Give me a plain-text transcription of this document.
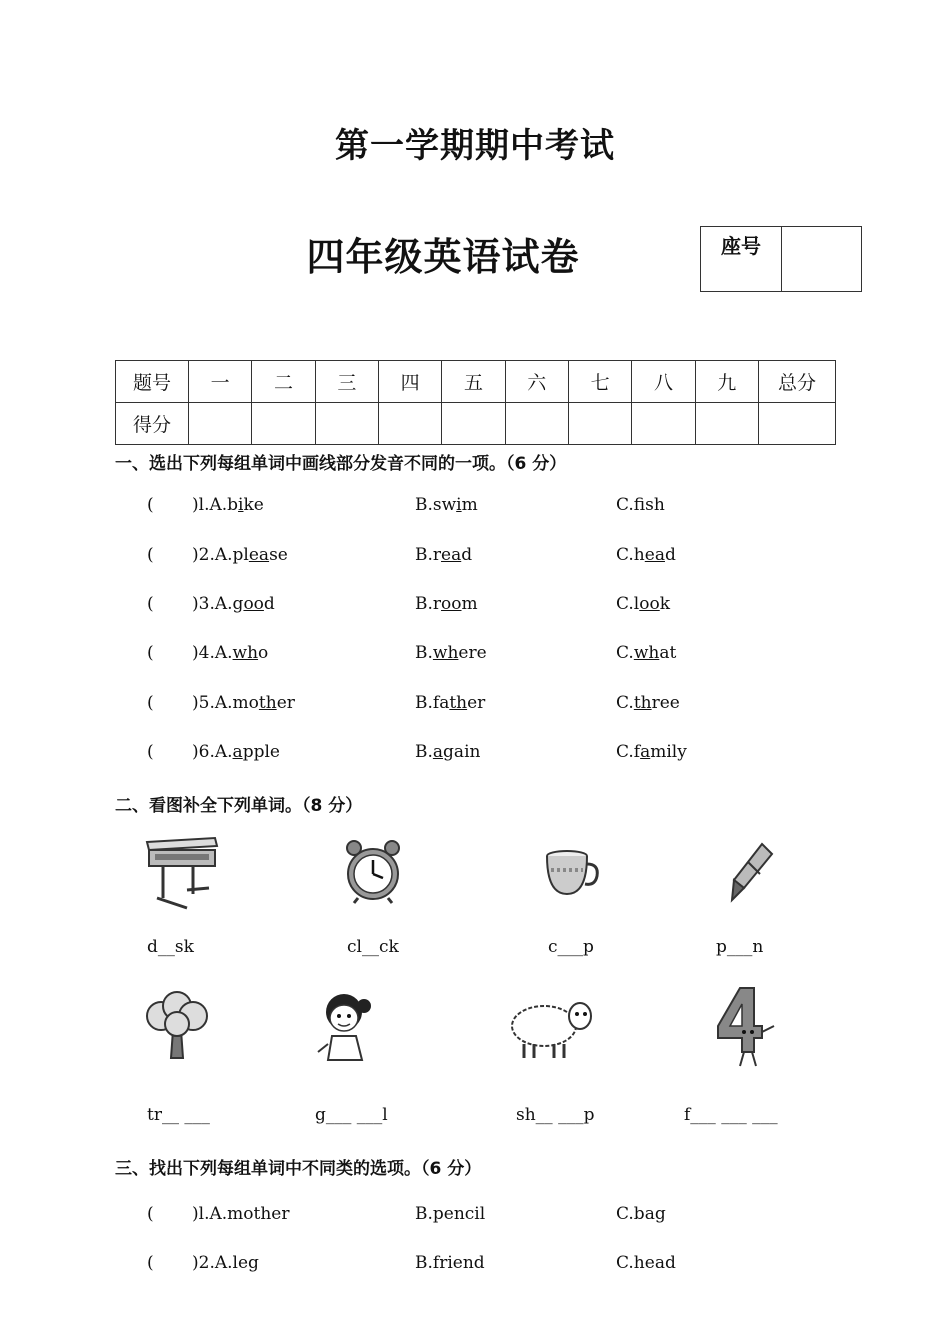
第一学期期中考试
四年级英语试卷	座号
题号	一	二	三	四	五	六	七	八	九	总分
得分										
一、选出下列每组单词中画线部分发音不同的一项。（6 分）
( )l.A.bike	B.swim	C.fsh
( )2.A.please	B.read	C.head
( )3.A.good	B.room	C.look
( )4.A.who	B.where	C.what
( )5.A.mother	B.father	C.three
( )6.A.apple	B.again	C.family
二、看图补全下列单词。（8 分）
d__sk	cl__ck	c___p	p___n
tr__ ___	g___ ___l	sh__ ___p	f___ ___ ___
三、找出下列每组单词中不同类的选项。（6 分）
( )l.A.mother	B.pencil	C.bag
( )2.A.leg	B.friend	C.head
